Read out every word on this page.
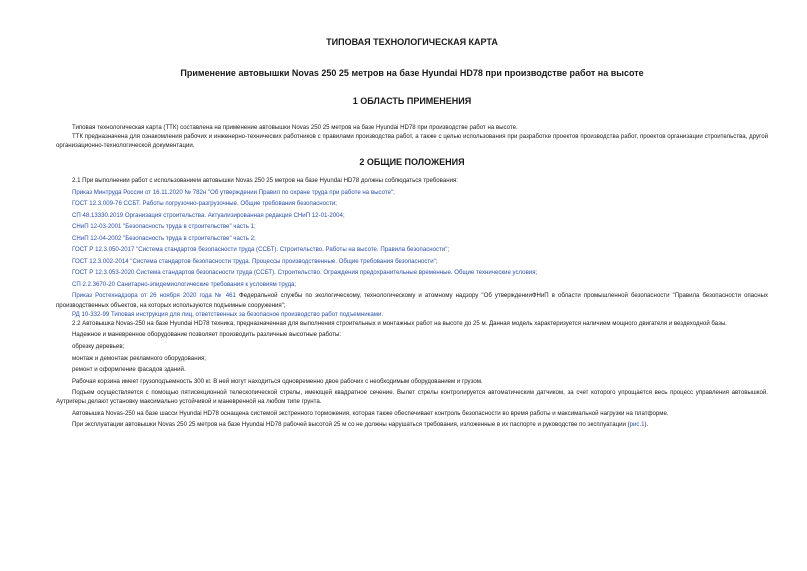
ТИПОВАЯ ТЕХНОЛОГИЧЕСКАЯ КАРТА
Применение автовышки Novas 250 25 метров на базе Hyundai HD78 при производстве работ на высоте
1 ОБЛАСТЬ ПРИМЕНЕНИЯ

Типовая технологическая карта (ТТК) составлена на применение автовышки Novas 250 25 метров на базе Hyundai HD78 при производстве работ на высоте.

ТТК предназначена для ознакомления рабочих и инженерно-технических работников с правилами производства работ, а также с целью использования при разработке проектов производства работ, проектов организации строительства, другой организационно-технологической документации.

2 ОБЩИЕ ПОЛОЖЕНИЯ

2.1 При выполнении работ с использованием автовышки Novas 250 25 метров на базе Hyundai HD78 должны соблюдаться требования:

Приказ Минтруда России от 16.11.2020 № 782н "Об утверждении Правил по охране труда при работе на высоте";

ГОСТ 12.3.009-76 ССБТ. Работы погрузочно-разгрузочные. Общие требования безопасности;

СП 48.13330.2019 Организация строительства. Актуализированная редакция СНиП 12-01-2004;

СНиП 12-03-2001 "Безопасность труда в строительстве" часть 1;

СНиП 12-04-2002 "Безопасность труда в строительстве" часть 2;

ГОСТ Р 12.3.050-2017 "Система стандартов безопасности труда (ССБТ). Строительство. Работы на высоте. Правила безопасности";

ГОСТ 12.3.002-2014 "Система стандартов безопасности труда. Процессы производственные. Общие требования безопасности";

ГОСТ Р 12.3.053-2020 Система стандартов безопасности труда (ССБТ). Строительство. Ограждения предохранительные временные. Общие технические условия;

СП 2.2.3670-20 Санитарно-эпидемиологические требования к условиям труда;

Приказ Ростехнадзора от 26 ноября 2020 года № 461 Федеральной службы по экологическому, технологическому и атомному надзору "Об утвержденииФНиП в области промышленной безопасности "Правила безопасности опасных производственных объектов, на которых используются подъемные сооружения";

РД 10-332-99 Типовая инструкция для лиц, ответственных за безопасное производство работ подъемниками.

2.2 Автовышка Novas-250 на базе Hyundai HD78 техника, предназначенная для выполнения строительных и монтажных работ на высоте до 25 м. Данная модель характеризуется наличием мощного двигателя и вездеходной базы.

Надежное и маневренное оборудование позволяет производить различные высотные работы:

обрезку деревьев;

монтаж и демонтаж рекламного оборудования;

ремонт и оформление фасадов зданий.

Рабочая корзина имеет грузоподъемность 300 кг. В ней могут находиться одновременно двое рабочих с необходимым оборудованием и грузом.

Подъем осуществляется с помощью пятисекционной телескопической стрелы, имеющей квадратное сечение. Вылет стрелы контролируется автоматическим датчиком, за счет которого упрощается весь процесс управления автовышкой. Аутригеры делают установку максимально устойчивой и маневренной на любом типе грунта.

Автовышка Novas-250 на базе шасси Hyundai HD78 оснащена системой экстренного торможения, которая также обеспечивает контроль безопасности во время работы и максимальной нагрузки на платформе.

При эксплуатации автовышки Novas 250 25 метров на базе Hyundai HD78 рабочей высотой 25 м со не должны нарушаться требования, изложенные в их паспорте и руководстве по эксплуатации (рис.1).
